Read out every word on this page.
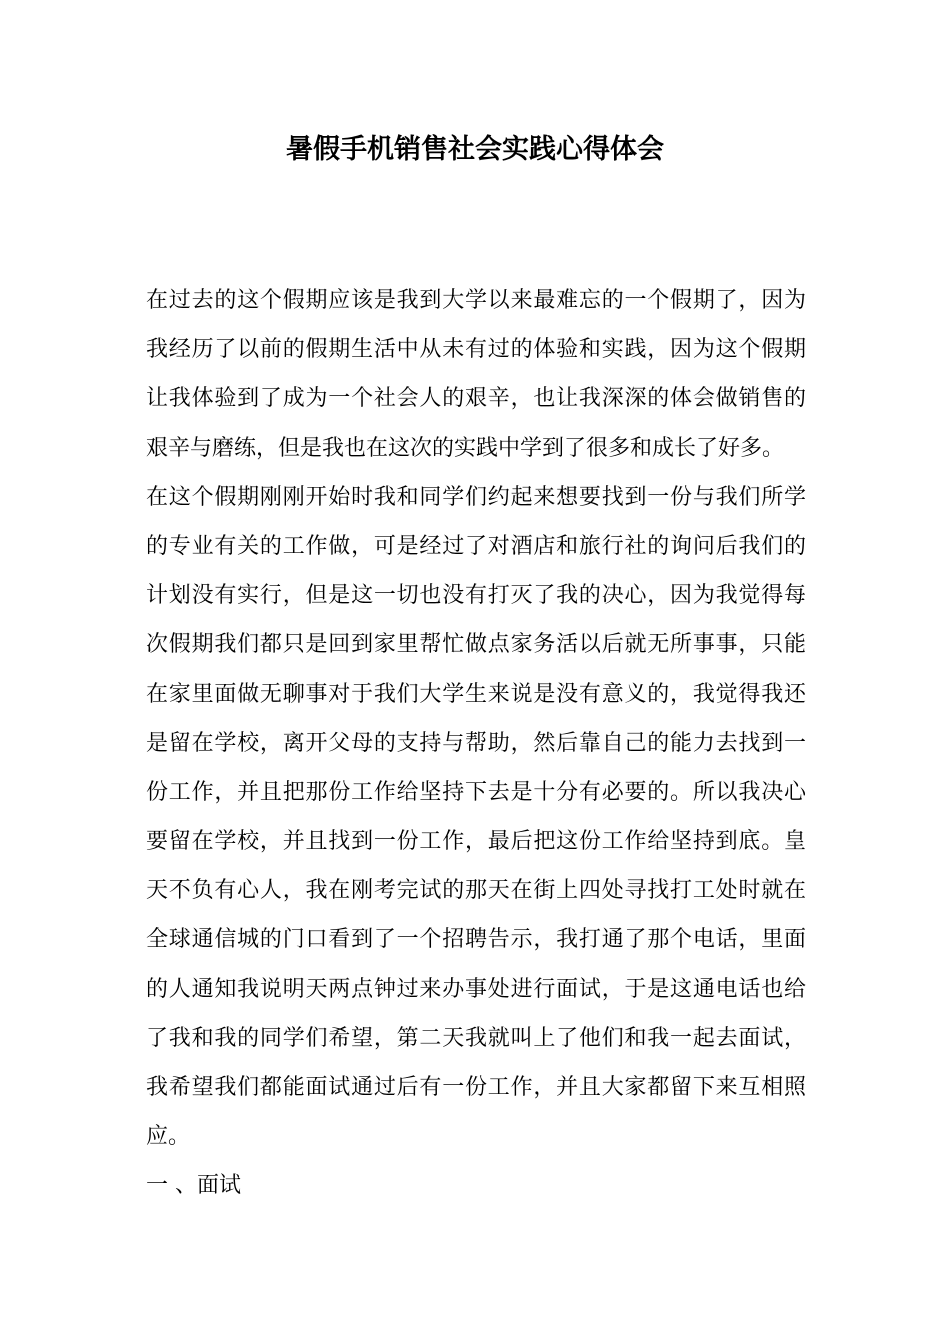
暑假手机销售社会实践心得体会
在过去的这个假期应该是我到大学以来最难忘的一个假期了，因为
我经历了以前的假期生活中从未有过的体验和实践，因为这个假期
让我体验到了成为一个社会人的艰辛，也让我深深的体会做销售的
艰辛与磨练，但是我也在这次的实践中学到了很多和成长了好多。
在这个假期刚刚开始时我和同学们约起来想要找到一份与我们所学
的专业有关的工作做，可是经过了对酒店和旅行社的询问后我们的
计划没有实行，但是这一切也没有打灭了我的决心，因为我觉得每
次假期我们都只是回到家里帮忙做点家务活以后就无所事事，只能
在家里面做无聊事对于我们大学生来说是没有意义的，我觉得我还
是留在学校，离开父母的支持与帮助，然后靠自己的能力去找到一
份工作，并且把那份工作给坚持下去是十分有必要的。所以我决心
要留在学校，并且找到一份工作，最后把这份工作给坚持到底。皇
天不负有心人，我在刚考完试的那天在街上四处寻找打工处时就在
全球通信城的门口看到了一个招聘告示，我打通了那个电话，里面
的人通知我说明天两点钟过来办事处进行面试，于是这通电话也给
了我和我的同学们希望，第二天我就叫上了他们和我一起去面试，
我希望我们都能面试通过后有一份工作，并且大家都留下来互相照
应。
一 、面试
